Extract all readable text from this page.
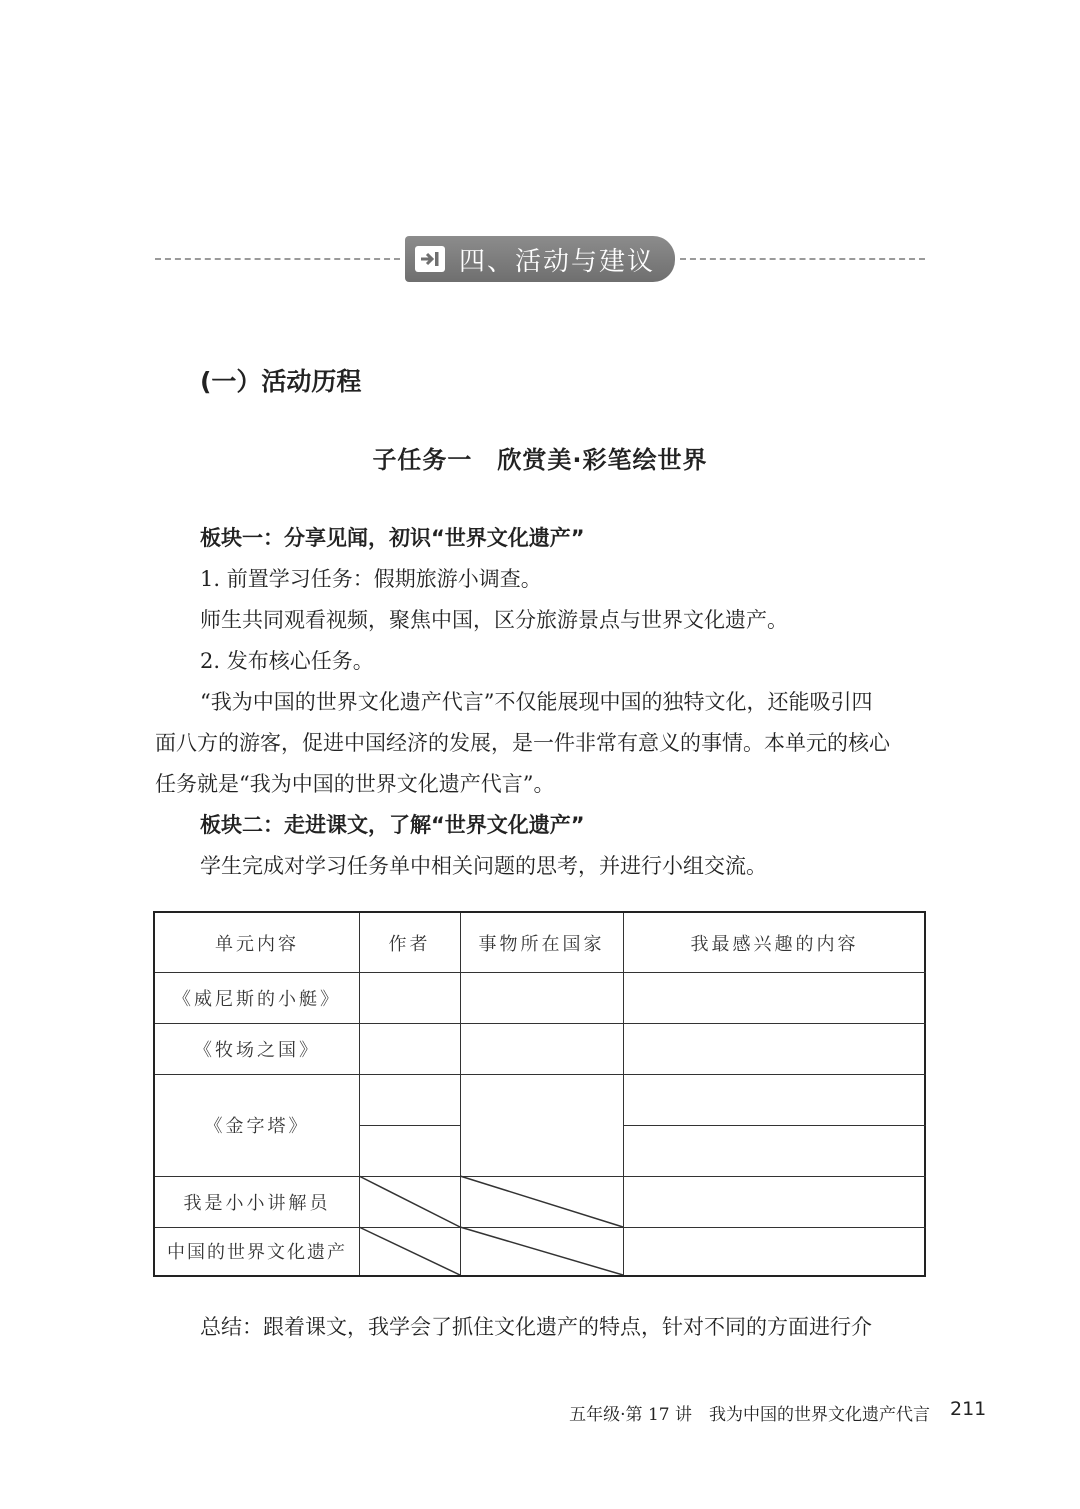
四、活动与建议
(一）活动历程
子任务一　欣赏美·彩笔绘世界
板块一：分享见闻，初识“世界文化遗产”
1. 前置学习任务：假期旅游小调查。
师生共同观看视频，聚焦中国，区分旅游景点与世界文化遗产。
2. 发布核心任务。
“我为中国的世界文化遗产代言”不仅能展现中国的独特文化，还能吸引四
面八方的游客，促进中国经济的发展，是一件非常有意义的事情。本单元的核心
任务就是“我为中国的世界文化遗产代言”。
板块二：走进课文，了解“世界文化遗产”
学生完成对学习任务单中相关问题的思考，并进行小组交流。
单元内容	作者	事物所在国家	我最感兴趣的内容
《威尼斯的小艇》
《牧场之国》
《金字塔》
我是小小讲解员
中国的世界文化遗产
总结：跟着课文，我学会了抓住文化遗产的特点，针对不同的方面进行介
五年级·第 17 讲　我为中国的世界文化遗产代言 211
